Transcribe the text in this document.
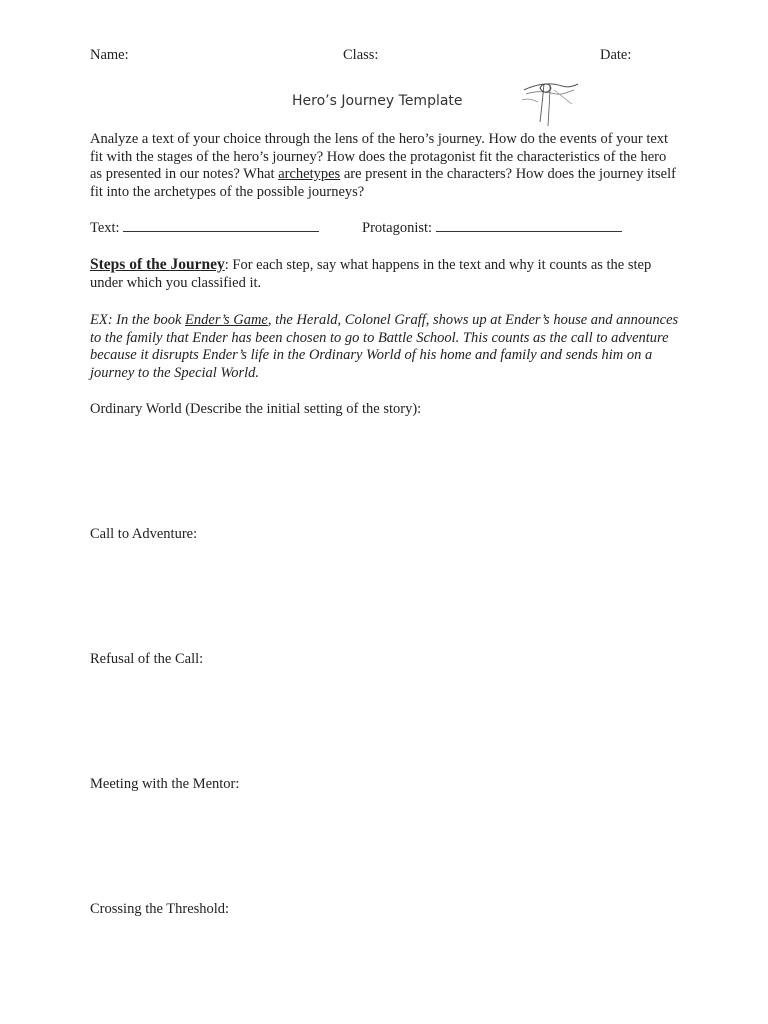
Name:	Class:	Date:
Hero’s Journey Template
Analyze a text of your choice through the lens of the hero’s journey. How do the events of your text fit with the stages of the hero’s journey? How does the protagonist fit the characteristics of the hero as presented in our notes? What archetypes are present in the characters? How does the journey itself fit into the archetypes of the possible journeys?
Text:	Protagonist:
Steps of the Journey: For each step, say what happens in the text and why it counts as the step under which you classified it.
EX: In the book Ender’s Game, the Herald, Colonel Graff, shows up at Ender’s house and announces to the family that Ender has been chosen to go to Battle School. This counts as the call to adventure because it disrupts Ender’s life in the Ordinary World of his home and family and sends him on a journey to the Special World.
Ordinary World (Describe the initial setting of the story):
Call to Adventure:
Refusal of the Call:
Meeting with the Mentor:
Crossing the Threshold:
